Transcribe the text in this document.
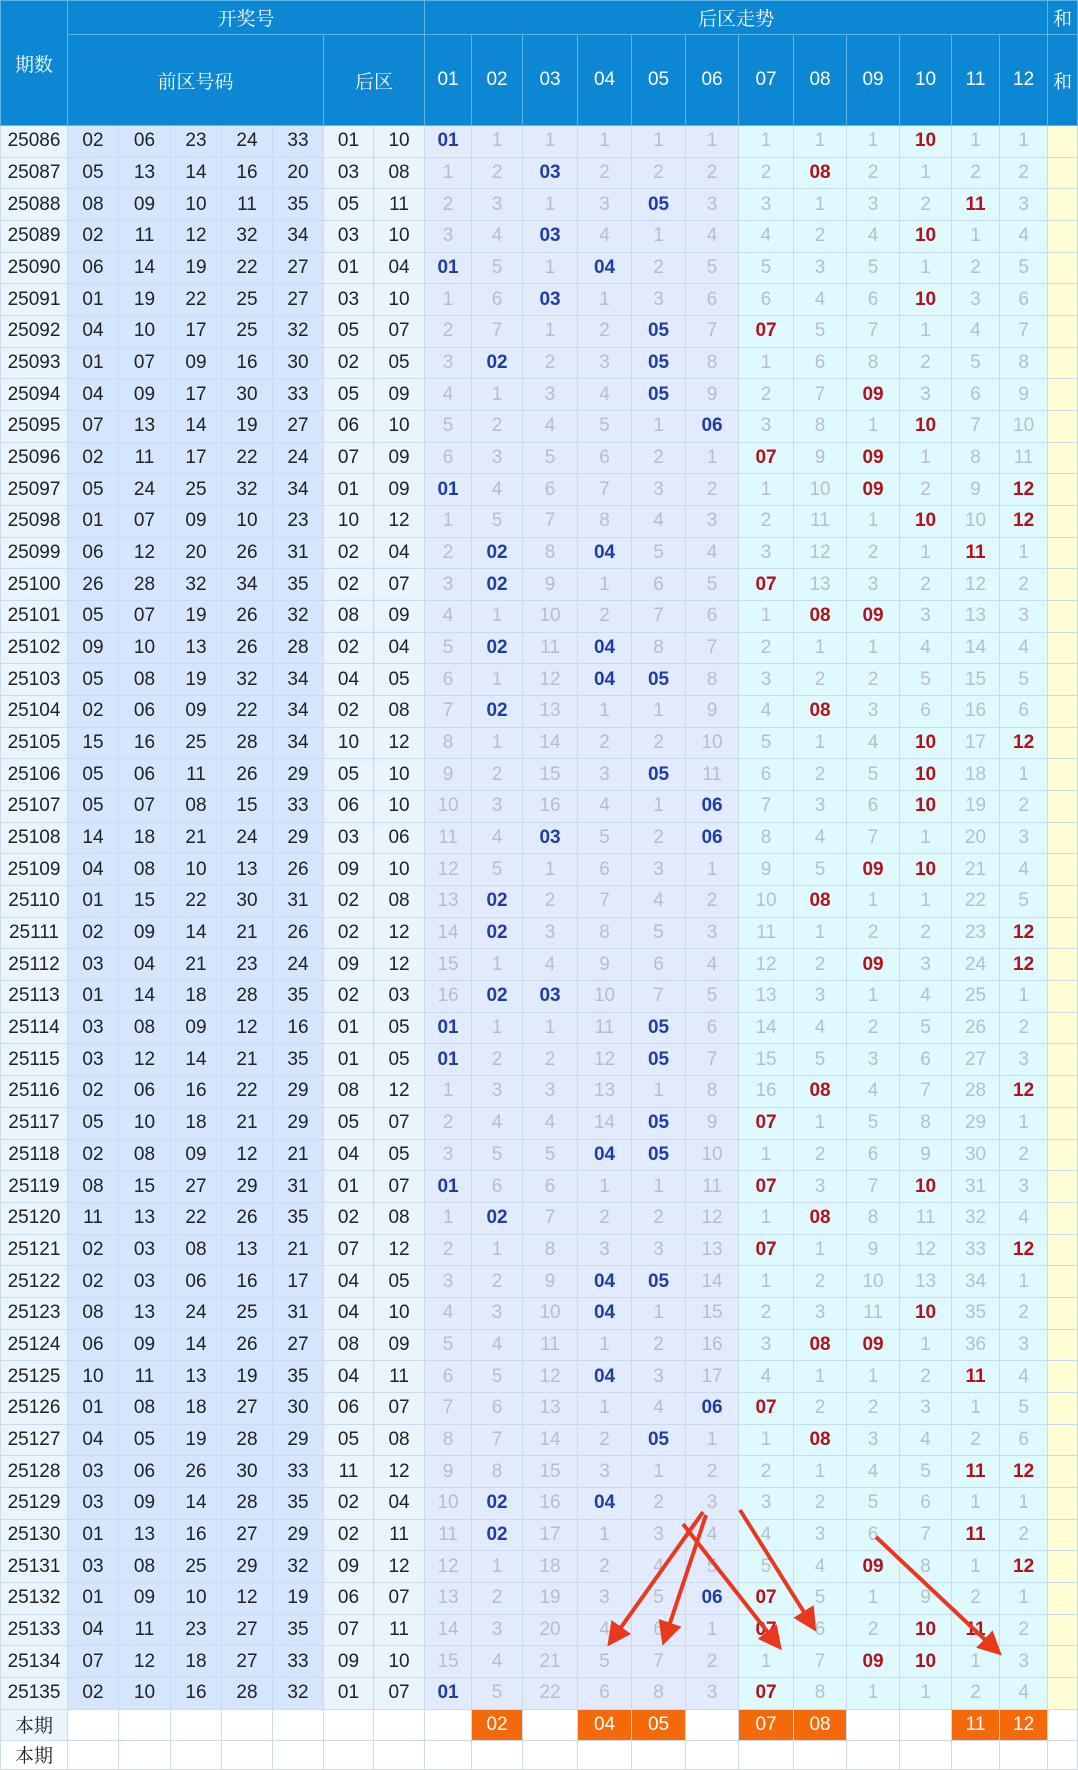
期数	开奖号							后区走势												和
	前区号码					后区		01	02	03	04	05	06	07	08	09	10	11	12	和
25086	02	06	23	24	33	01	10	01	1	1	1	1	1	1	1	1	10	1	1	
25087	05	13	14	16	20	03	08	1	2	03	2	2	2	2	08	2	1	2	2	
25088	08	09	10	11	35	05	11	2	3	1	3	05	3	3	1	3	2	11	3	
25089	02	11	12	32	34	03	10	3	4	03	4	1	4	4	2	4	10	1	4	
25090	06	14	19	22	27	01	04	01	5	1	04	2	5	5	3	5	1	2	5	
25091	01	19	22	25	27	03	10	1	6	03	1	3	6	6	4	6	10	3	6	
25092	04	10	17	25	32	05	07	2	7	1	2	05	7	07	5	7	1	4	7	
25093	01	07	09	16	30	02	05	3	02	2	3	05	8	1	6	8	2	5	8	
25094	04	09	17	30	33	05	09	4	1	3	4	05	9	2	7	09	3	6	9	
25095	07	13	14	19	27	06	10	5	2	4	5	1	06	3	8	1	10	7	10	
25096	02	11	17	22	24	07	09	6	3	5	6	2	1	07	9	09	1	8	11	
25097	05	24	25	32	34	01	09	01	4	6	7	3	2	1	10	09	2	9	12	
25098	01	07	09	10	23	10	12	1	5	7	8	4	3	2	11	1	10	10	12	
25099	06	12	20	26	31	02	04	2	02	8	04	5	4	3	12	2	1	11	1	
25100	26	28	32	34	35	02	07	3	02	9	1	6	5	07	13	3	2	12	2	
25101	05	07	19	26	32	08	09	4	1	10	2	7	6	1	08	09	3	13	3	
25102	09	10	13	26	28	02	04	5	02	11	04	8	7	2	1	1	4	14	4	
25103	05	08	19	32	34	04	05	6	1	12	04	05	8	3	2	2	5	15	5	
25104	02	06	09	22	34	02	08	7	02	13	1	1	9	4	08	3	6	16	6	
25105	15	16	25	28	34	10	12	8	1	14	2	2	10	5	1	4	10	17	12	
25106	05	06	11	26	29	05	10	9	2	15	3	05	11	6	2	5	10	18	1	
25107	05	07	08	15	33	06	10	10	3	16	4	1	06	7	3	6	10	19	2	
25108	14	18	21	24	29	03	06	11	4	03	5	2	06	8	4	7	1	20	3	
25109	04	08	10	13	26	09	10	12	5	1	6	3	1	9	5	09	10	21	4	
25110	01	15	22	30	31	02	08	13	02	2	7	4	2	10	08	1	1	22	5	
25111	02	09	14	21	26	02	12	14	02	3	8	5	3	11	1	2	2	23	12	
25112	03	04	21	23	24	09	12	15	1	4	9	6	4	12	2	09	3	24	12	
25113	01	14	18	28	35	02	03	16	02	03	10	7	5	13	3	1	4	25	1	
25114	03	08	09	12	16	01	05	01	1	1	11	05	6	14	4	2	5	26	2	
25115	03	12	14	21	35	01	05	01	2	2	12	05	7	15	5	3	6	27	3	
25116	02	06	16	22	29	08	12	1	3	3	13	1	8	16	08	4	7	28	12	
25117	05	10	18	21	29	05	07	2	4	4	14	05	9	07	1	5	8	29	1	
25118	02	08	09	12	21	04	05	3	5	5	04	05	10	1	2	6	9	30	2	
25119	08	15	27	29	31	01	07	01	6	6	1	1	11	07	3	7	10	31	3	
25120	11	13	22	26	35	02	08	1	02	7	2	2	12	1	08	8	11	32	4	
25121	02	03	08	13	21	07	12	2	1	8	3	3	13	07	1	9	12	33	12	
25122	02	03	06	16	17	04	05	3	2	9	04	05	14	1	2	10	13	34	1	
25123	08	13	24	25	31	04	10	4	3	10	04	1	15	2	3	11	10	35	2	
25124	06	09	14	26	27	08	09	5	4	11	1	2	16	3	08	09	1	36	3	
25125	10	11	13	19	35	04	11	6	5	12	04	3	17	4	1	1	2	11	4	
25126	01	08	18	27	30	06	07	7	6	13	1	4	06	07	2	2	3	1	5	
25127	04	05	19	28	29	05	08	8	7	14	2	05	1	1	08	3	4	2	6	
25128	03	06	26	30	33	11	12	9	8	15	3	1	2	2	1	4	5	11	12	
25129	03	09	14	28	35	02	04	10	02	16	04	2	3	3	2	5	6	1	1	
25130	01	13	16	27	29	02	11	11	02	17	1	3	4	4	3	6	7	11	2	
25131	03	08	25	29	32	09	12	12	1	18	2	4	5	5	4	09	8	1	12	
25132	01	09	10	12	19	06	07	13	2	19	3	5	06	07	5	1	9	2	1	
25133	04	11	23	27	35	07	11	14	3	20	4	6	1	07	6	2	10	11	2	
25134	07	12	18	27	33	09	10	15	4	21	5	7	2	1	7	09	10	1	3	
25135	02	10	16	28	32	01	07	01	5	22	6	8	3	07	8	1	1	2	4	
本期									02		04	05		07	08			11	12	
本期																				
